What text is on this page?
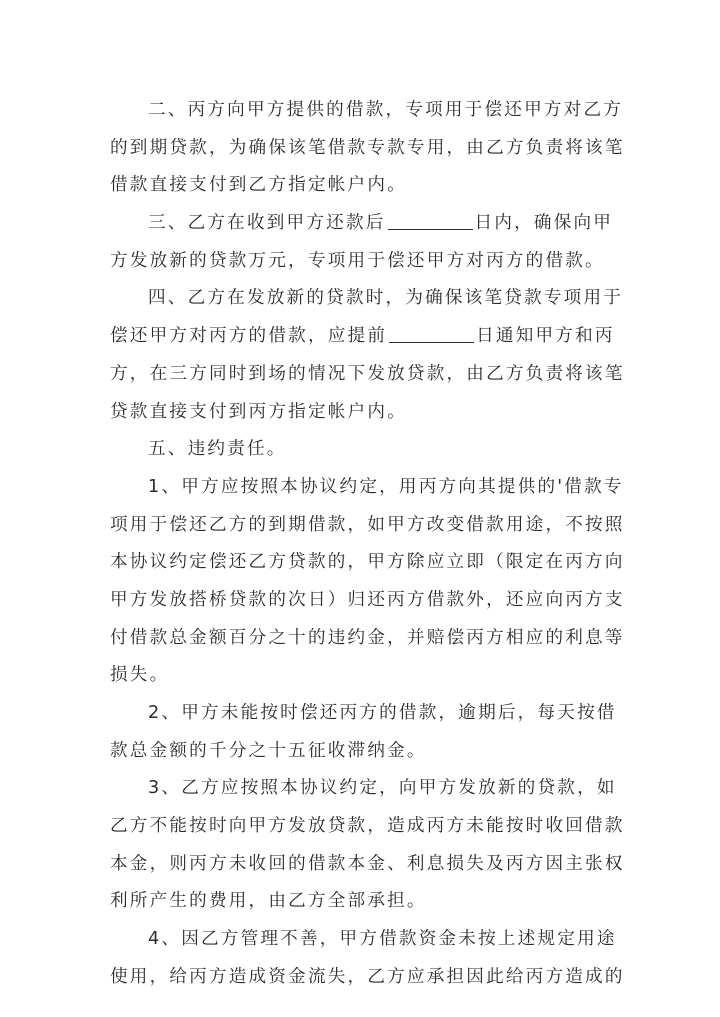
二、丙方向甲方提供的借款，专项用于偿还甲方对乙方
的到期贷款，为确保该笔借款专款专用，由乙方负责将该笔
借款直接支付到乙方指定帐户内。
三、乙方在收到甲方还款后	日内，确保向甲
方发放新的贷款万元，专项用于偿还甲方对丙方的借款。
四、乙方在发放新的贷款时，为确保该笔贷款专项用于
偿还甲方对丙方的借款，应提前	日通知甲方和丙
方，在三方同时到场的情况下发放贷款，由乙方负责将该笔
贷款直接支付到丙方指定帐户内。
五、违约责任。
1、甲方应按照本协议约定，用丙方向其提供的'借款专
项用于偿还乙方的到期借款，如甲方改变借款用途，不按照
本协议约定偿还乙方贷款的，甲方除应立即（限定在丙方向
甲方发放搭桥贷款的次日）归还丙方借款外，还应向丙方支
付借款总金额百分之十的违约金，并赔偿丙方相应的利息等
损失。
2、甲方未能按时偿还丙方的借款，逾期后，每天按借
款总金额的千分之十五征收滞纳金。
3、乙方应按照本协议约定，向甲方发放新的贷款，如
乙方不能按时向甲方发放贷款，造成丙方未能按时收回借款
本金，则丙方未收回的借款本金、利息损失及丙方因主张权
利所产生的费用，由乙方全部承担。
4、因乙方管理不善，甲方借款资金未按上述规定用途
使用，给丙方造成资金流失，乙方应承担因此给丙方造成的
